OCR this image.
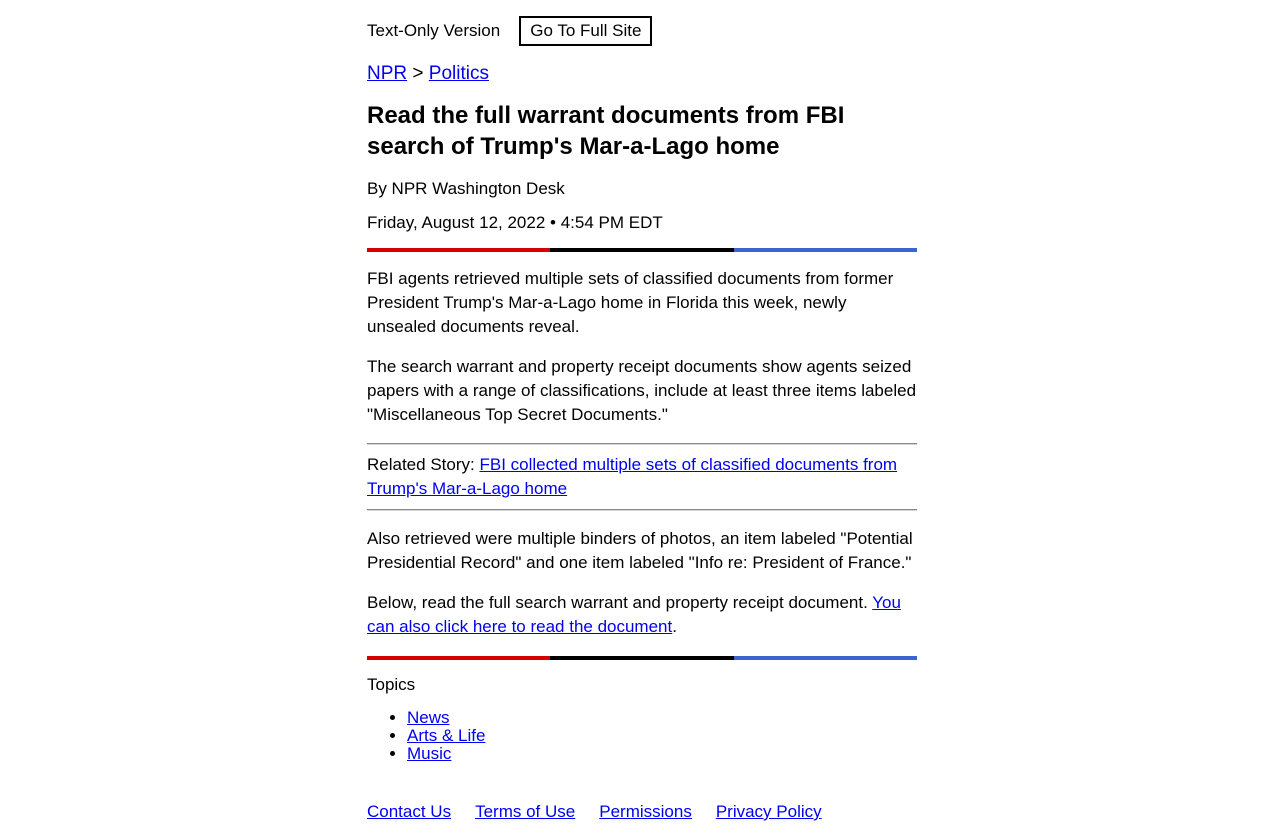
Text-Only Version	Go To Full Site
NPR > Politics
Read the full warrant documents from FBI search of Trump's Mar-a-Lago home
By NPR Washington Desk
Friday, August 12, 2022 • 4:54 PM EDT

FBI agents retrieved multiple sets of classified documents from former President Trump's Mar-a-Lago home in Florida this week, newly unsealed documents reveal.

The search warrant and property receipt documents show agents seized papers with a range of classifications, include at least three items labeled "Miscellaneous Top Secret Documents."

Related Story: FBI collected multiple sets of classified documents from Trump's Mar-a-Lago home

Also retrieved were multiple binders of photos, an item labeled "Potential Presidential Record" and one item labeled "Info re: President of France."

Below, read the full search warrant and property receipt document. You can also click here to read the document.

Topics
• News
• Arts & Life
• Music
Contact Us Terms of Use Permissions Privacy Policy
